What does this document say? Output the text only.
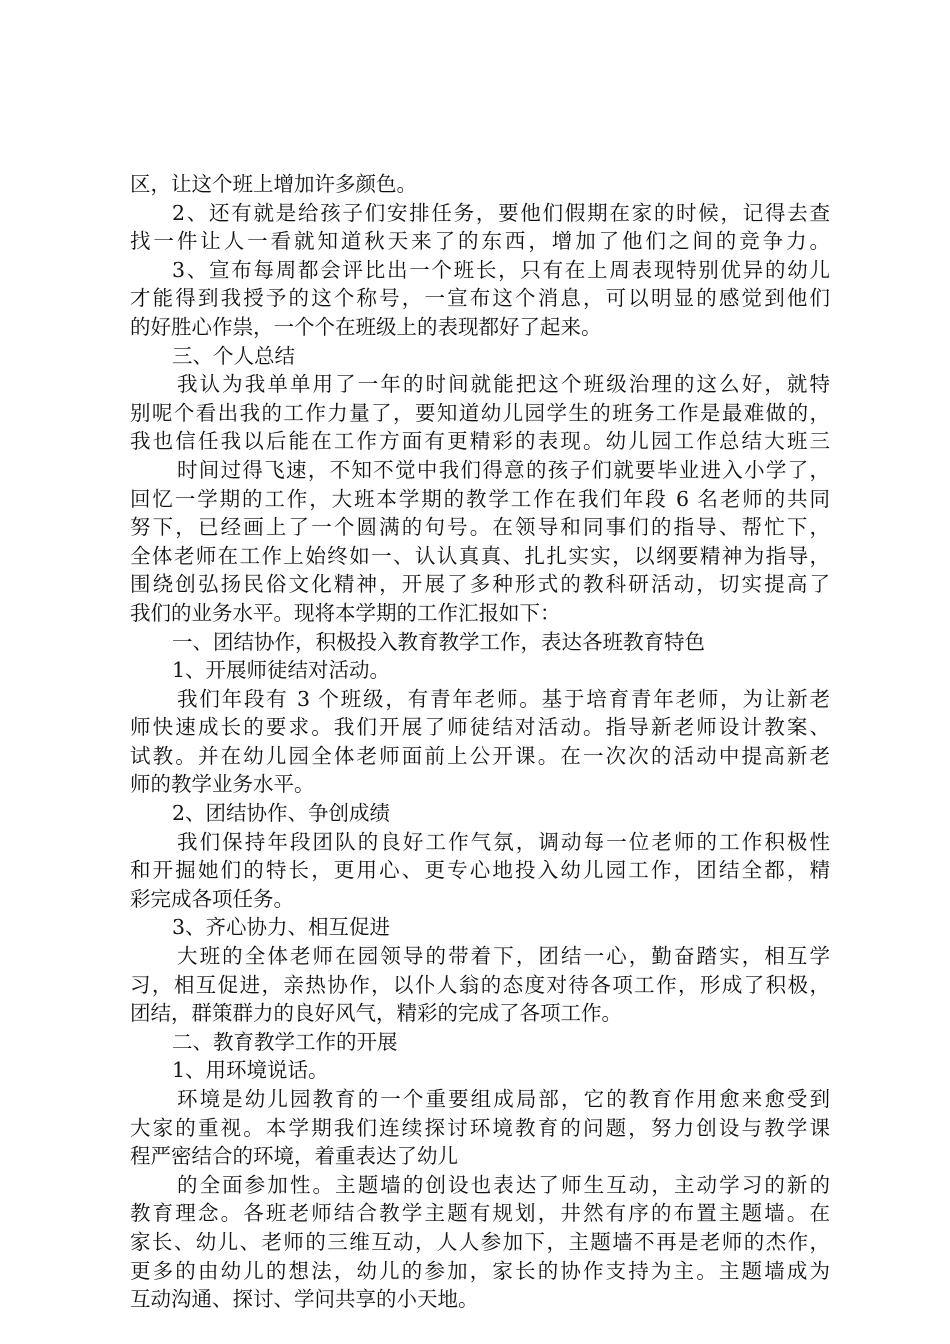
区，让这个班上增加许多颜色。
2、还有就是给孩子们安排任务，要他们假期在家的时候，记得去查
找一件让人一看就知道秋天来了的东西，增加了他们之间的竞争力。
3、宣布每周都会评比出一个班长，只有在上周表现特别优异的幼儿
才能得到我授予的这个称号，一宣布这个消息，可以明显的感觉到他们
的好胜心作祟，一个个在班级上的表现都好了起来。
三、个人总结
我认为我单单用了一年的时间就能把这个班级治理的这么好，就特
别呢个看出我的工作力量了，要知道幼儿园学生的班务工作是最难做的，
我也信任我以后能在工作方面有更精彩的表现。幼儿园工作总结大班三
时间过得飞速，不知不觉中我们得意的孩子们就要毕业进入小学了，
回忆一学期的工作，大班本学期的教学工作在我们年段 6 名老师的共同
努下，已经画上了一个圆满的句号。在领导和同事们的指导、帮忙下，
全体老师在工作上始终如一、认认真真、扎扎实实，以纲要精神为指导，
围绕创弘扬民俗文化精神，开展了多种形式的教科研活动，切实提高了
我们的业务水平。现将本学期的工作汇报如下：
一、团结协作，积极投入教育教学工作，表达各班教育特色
1、开展师徒结对活动。
我们年段有 3 个班级，有青年老师。基于培育青年老师，为让新老
师快速成长的要求。我们开展了师徒结对活动。指导新老师设计教案、
试教。并在幼儿园全体老师面前上公开课。在一次次的活动中提高新老
师的教学业务水平。
2、团结协作、争创成绩
我们保持年段团队的良好工作气氛，调动每一位老师的工作积极性
和开掘她们的特长，更用心、更专心地投入幼儿园工作，团结全都，精
彩完成各项任务。
3、齐心协力、相互促进
大班的全体老师在园领导的带着下，团结一心，勤奋踏实，相互学
习，相互促进，亲热协作，以仆人翁的态度对待各项工作，形成了积极，
团结，群策群力的良好风气，精彩的完成了各项工作。
二、教育教学工作的开展
1、用环境说话。
环境是幼儿园教育的一个重要组成局部，它的教育作用愈来愈受到
大家的重视。本学期我们连续探讨环境教育的问题，努力创设与教学课
程严密结合的环境，着重表达了幼儿
的全面参加性。主题墙的创设也表达了师生互动，主动学习的新的
教育理念。各班老师结合教学主题有规划，井然有序的布置主题墙。在
家长、幼儿、老师的三维互动，人人参加下，主题墙不再是老师的杰作，
更多的由幼儿的想法，幼儿的参加，家长的协作支持为主。主题墙成为
互动沟通、探讨、学问共享的小天地。
